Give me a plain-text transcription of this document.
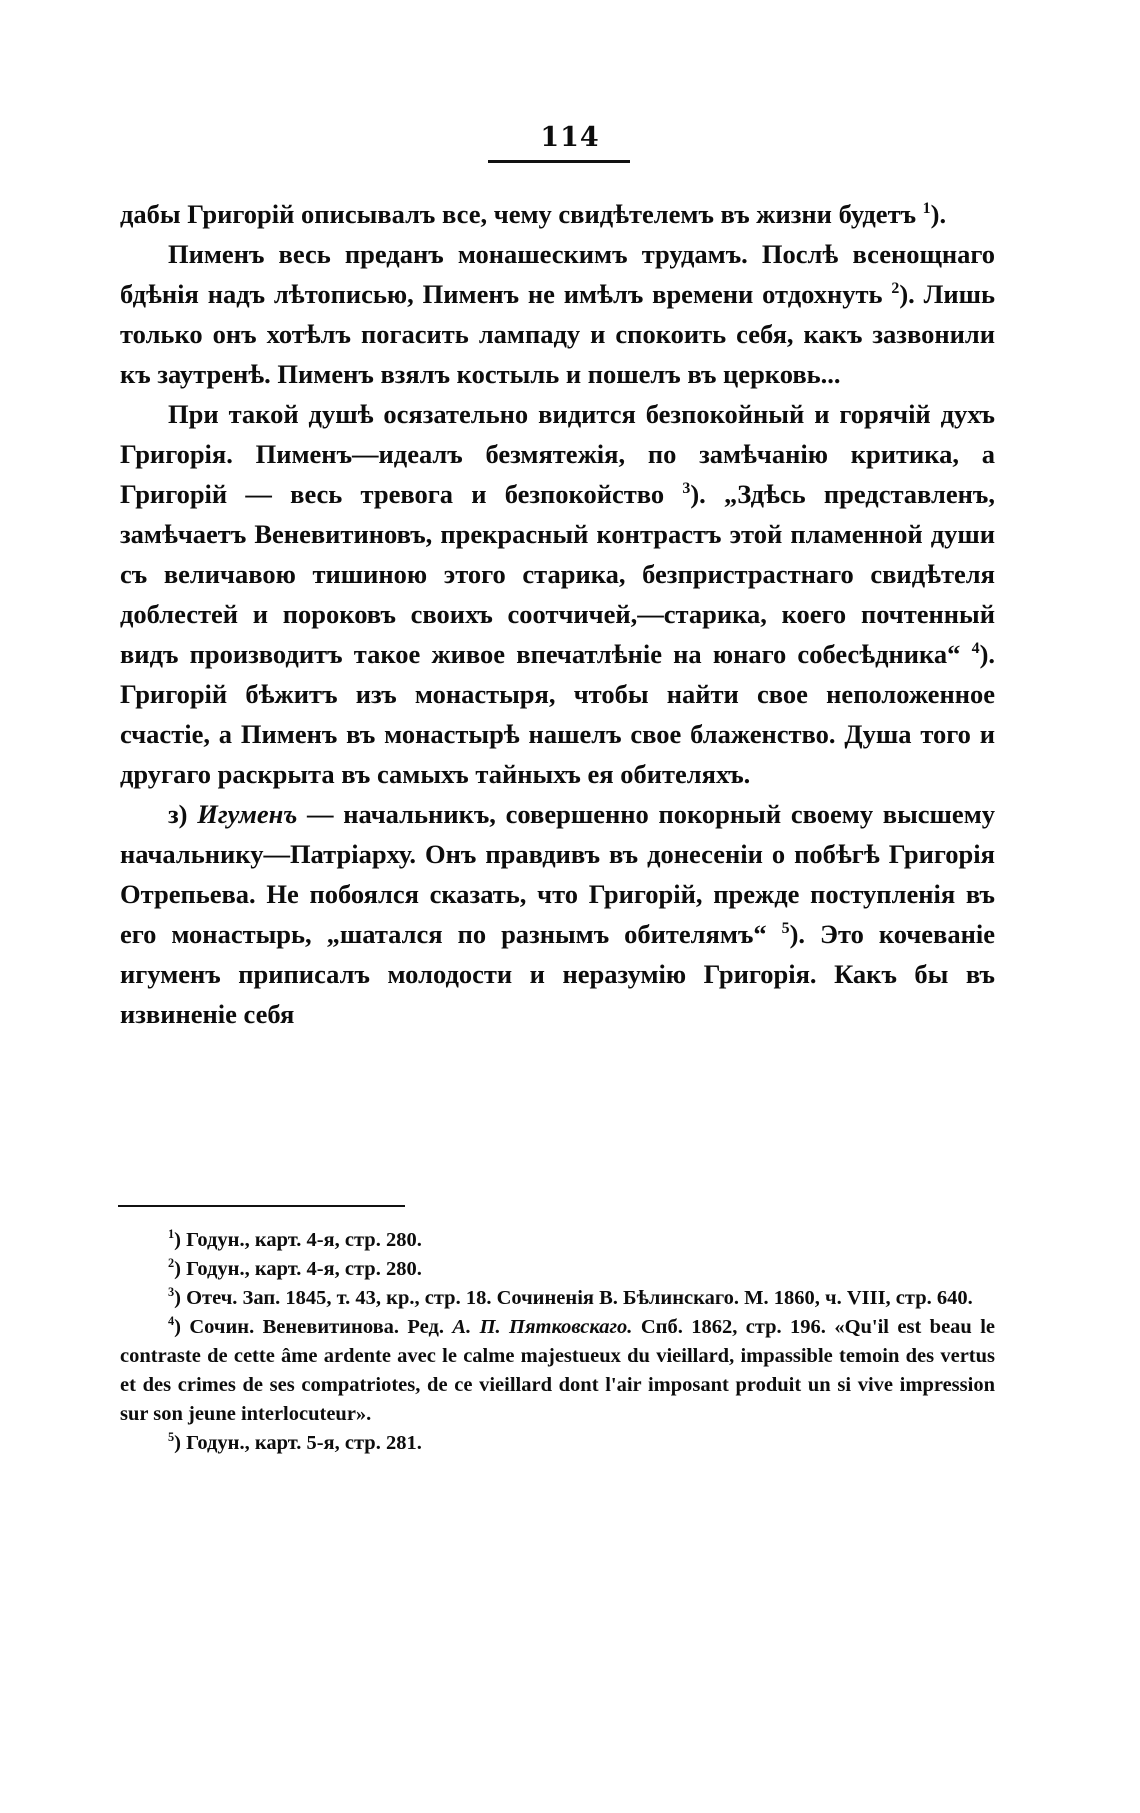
114

дабы Григорій описывалъ все, чему свидѣтелемъ въ жизни будетъ $^1$).

Пименъ весь преданъ монашескимъ трудамъ. Послѣ всенощнаго бдѣнія надъ лѣтописью, Пименъ не имѣлъ времени отдохнуть $^2$). Лишь только онъ хотѣлъ погасить лампаду и спокоить себя, какъ зазвонили къ заутренѣ. Пименъ взялъ костыль и пошелъ въ церковь...

При такой душѣ осязательно видится безпокойный и горячій духъ Григорія. Пименъ—идеалъ безмятежія, по замѣчанію критика, а Григорій — весь тревога и безпокойство $^3$). „Здѣсь представленъ, замѣчаетъ Веневитиновъ, прекрасный контрастъ этой пламенной души съ величавою тишиною этого старика, безпристрастнаго свидѣтеля доблестей и пороковъ своихъ соотчичей,—старика, коего почтенный видъ производитъ такое живое впечатлѣніе на юнаго собесѣдника“ $^4$). Григорій бѣжитъ изъ монастыря, чтобы найти свое неположенное счастіе, а Пименъ въ монастырѣ нашелъ свое блаженство. Душа того и другаго раскрыта въ самыхъ тайныхъ ея обителяхъ.

з) Игуменъ — начальникъ, совершенно покорный своему высшему начальнику—Патріарху. Онъ правдивъ въ донесеніи о побѣгѣ Григорія Отрепьева. Не побоялся сказать, что Григорій, прежде поступленія въ его монастырь, „шатался по разнымъ обителямъ“ $^5$). Это кочеваніе игуменъ приписалъ молодости и неразумію Григорія. Какъ бы въ извиненіе себя

$^1$) Годун., карт. 4-я, стр. 280.

$^2$) Годун., карт. 4-я, стр. 280.

$^3$) Отеч. Зап. 1845, т. 43, кр., стр. 18. Сочиненія В. Бѣлинскаго. М. 1860, ч. VIII, стр. 640.

$^4$) Сочин. Веневитинова. Ред. А. П. Пятковскаго. Спб. 1862, стр. 196. «Qu'il est beau le contraste de cette âme ardente avec le calme majestueux du vieillard, impassible temoin des vertus et des crimes de ses compatriotes, de ce vieillard dont l'air imposant produit un si vive impression sur son jeune interlocuteur».

$^5$) Годун., карт. 5-я, стр. 281.
